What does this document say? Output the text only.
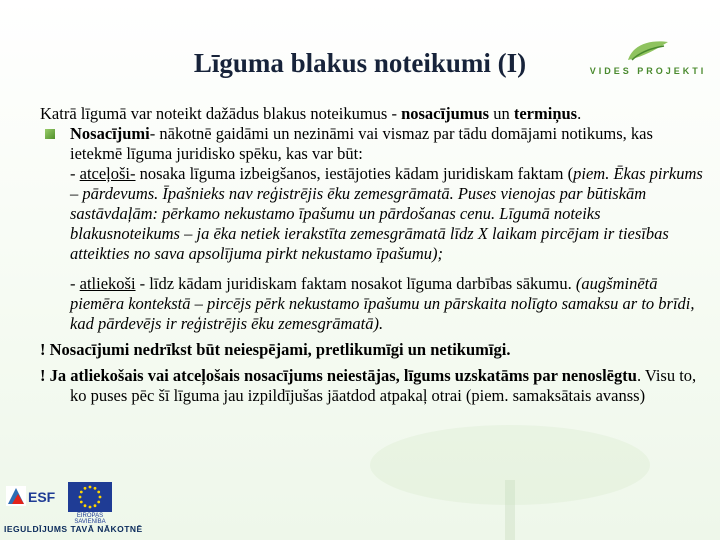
Līguma blakus noteikumi (I)	VIDES PROJEKTI

Katrā līgumā var noteikt dažādus blakus noteikumus - nosacījumus un termiņus.

Nosacījumi- nākotnē gaidāmi un nezināmi vai vismaz par tādu domājami notikums, kas ietekmē līguma juridisko spēku, kas var būt:
- atceļoši- nosaka līguma izbeigšanos, iestājoties kādam juridiskam faktam (piem. Ēkas pirkums – pārdevums. Īpašnieks nav reģistrējis ēku zemesgrāmatā. Puses vienojas par būtiskām sastāvdaļām: pērkamo nekustamo īpašumu un pārdošanas cenu. Līgumā noteiks blakusnoteikums – ja ēka netiek ierakstīta zemesgrāmatā līdz X laikam pircējam ir tiesības atteikties no sava apsolījuma pirkt nekustamo īpašumu);
- atliekoši - līdz kādam juridiskam faktam nosakot līguma darbības sākumu. (augšminētā piemēra kontekstā – pircējs pērk nekustamo īpašumu un pārskaita nolīgto samaksu ar to brīdi, kad pārdevējs ir reģistrējis ēku zemesgrāmatā).

! Nosacījumi nedrīkst būt neiespējami, pretlikumīgi un netikumīgi.

! Ja atliekošais vai atceļošais nosacījums neiestājas, līgums uzskatāms par nenoslēgtu. Visu to, ko puses pēc šī līguma jau izpildījušas jāatdod atpakaļ otrai (piem. samaksātais avanss)

ESF
EIROPAS SAVIENĪBA
IEGULDĪJUMS TAVĀ NĀKOTNĒ
